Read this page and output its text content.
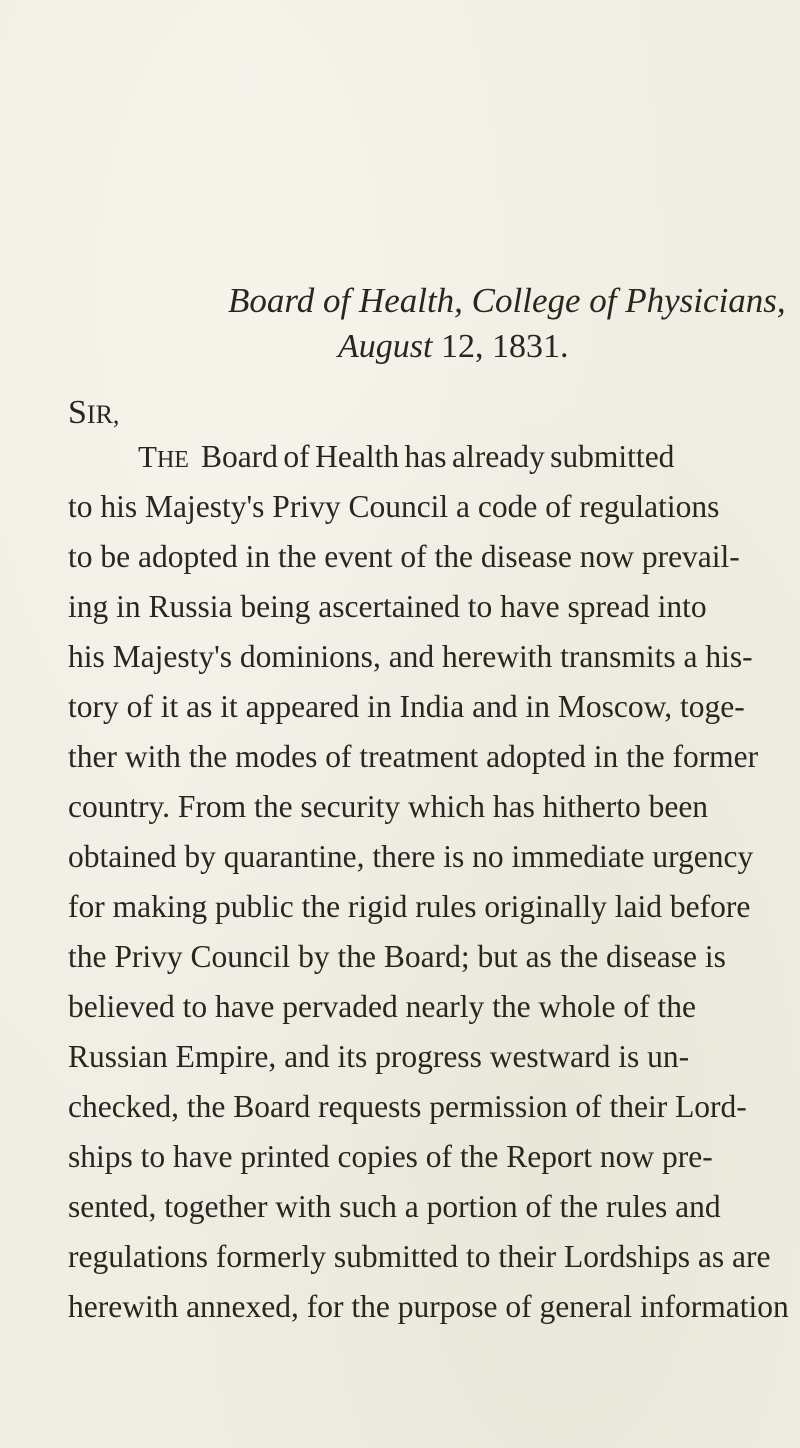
Board of Health, College of Physicians,
August 12, 1831.
SIR,
THE Board of Health has already submitted
to his Majesty's Privy Council a code of regulations
to be adopted in the event of the disease now prevail-
ing in Russia being ascertained to have spread into
his Majesty's dominions, and herewith transmits a his-
tory of it as it appeared in India and in Moscow, toge-
ther with the modes of treatment adopted in the former
country. From the security which has hitherto been
obtained by quarantine, there is no immediate urgency
for making public the rigid rules originally laid before
the Privy Council by the Board; but as the disease is
believed to have pervaded nearly the whole of the
Russian Empire, and its progress westward is un-
checked, the Board requests permission of their Lord-
ships to have printed copies of the Report now pre-
sented, together with such a portion of the rules and
regulations formerly submitted to their Lordships as are
herewith annexed, for the purpose of general information
